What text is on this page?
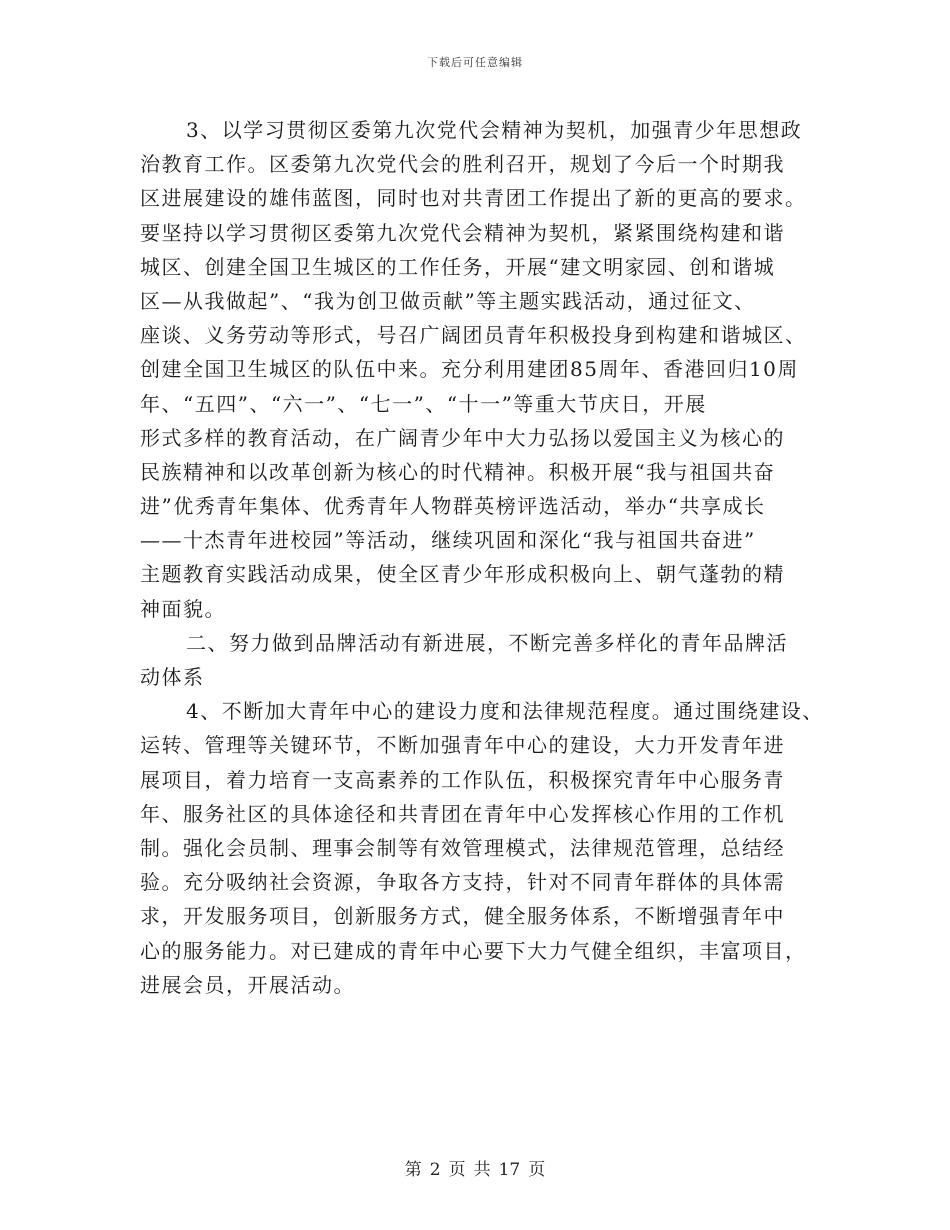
下载后可任意编辑
3、以学习贯彻区委第九次党代会精神为契机，加强青少年思想政
治教育工作。区委第九次党代会的胜利召开，规划了今后一个时期我
区进展建设的雄伟蓝图，同时也对共青团工作提出了新的更高的要求。
要坚持以学习贯彻区委第九次党代会精神为契机，紧紧围绕构建和谐
城区、创建全国卫生城区的工作任务，开展“建文明家园、创和谐城
区—从我做起”、“我为创卫做贡献”等主题实践活动，通过征文、
座谈、义务劳动等形式，号召广阔团员青年积极投身到构建和谐城区、
创建全国卫生城区的队伍中来。充分利用建团85周年、香港回归10周
年、“五四”、“六一”、“七一”、“十一”等重大节庆日，开展
形式多样的教育活动，在广阔青少年中大力弘扬以爱国主义为核心的
民族精神和以改革创新为核心的时代精神。积极开展“我与祖国共奋
进”优秀青年集体、优秀青年人物群英榜评选活动，举办“共享成长
——十杰青年进校园”等活动，继续巩固和深化“我与祖国共奋进”
主题教育实践活动成果，使全区青少年形成积极向上、朝气蓬勃的精
神面貌。
二、努力做到品牌活动有新进展，不断完善多样化的青年品牌活
动体系
4、不断加大青年中心的建设力度和法律规范程度。通过围绕建设、
运转、管理等关键环节，不断加强青年中心的建设，大力开发青年进
展项目，着力培育一支高素养的工作队伍，积极探究青年中心服务青
年、服务社区的具体途径和共青团在青年中心发挥核心作用的工作机
制。强化会员制、理事会制等有效管理模式，法律规范管理，总结经
验。充分吸纳社会资源，争取各方支持，针对不同青年群体的具体需
求，开发服务项目，创新服务方式，健全服务体系，不断增强青年中
心的服务能力。对已建成的青年中心要下大力气健全组织，丰富项目，
进展会员，开展活动。
第 2 页 共 17 页
